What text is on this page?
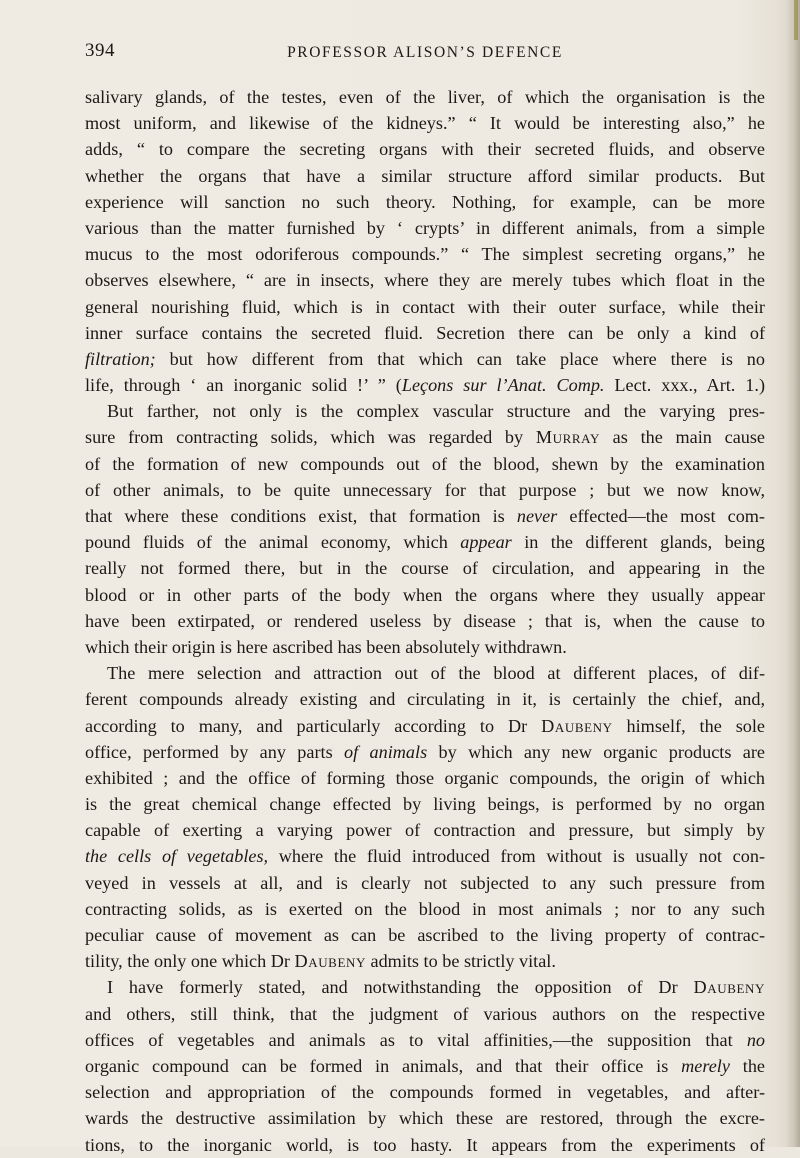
394	PROFESSOR ALISON’S DEFENCE
salivary glands, of the testes, even of the liver, of which the organisation is the
most uniform, and likewise of the kidneys.” “ It would be interesting also,” he
adds, “ to compare the secreting organs with their secreted fluids, and observe
whether the organs that have a similar structure afford similar products. But
experience will sanction no such theory. Nothing, for example, can be more
various than the matter furnished by ‘ crypts’ in different animals, from a simple
mucus to the most odoriferous compounds.” “ The simplest secreting organs,” he
observes elsewhere, “ are in insects, where they are merely tubes which float in the
general nourishing fluid, which is in contact with their outer surface, while their
inner surface contains the secreted fluid. Secretion there can be only a kind of
filtration; but how different from that which can take place where there is no
life, through ‘ an inorganic solid !’ ” (Leçons sur l’Anat. Comp. Lect. xxx., Art. 1.)
But farther, not only is the complex vascular structure and the varying pres-
sure from contracting solids, which was regarded by Murray as the main cause
of the formation of new compounds out of the blood, shewn by the examination
of other animals, to be quite unnecessary for that purpose ; but we now know,
that where these conditions exist, that formation is never effected—the most com-
pound fluids of the animal economy, which appear in the different glands, being
really not formed there, but in the course of circulation, and appearing in the
blood or in other parts of the body when the organs where they usually appear
have been extirpated, or rendered useless by disease ; that is, when the cause to
which their origin is here ascribed has been absolutely withdrawn.
The mere selection and attraction out of the blood at different places, of dif-
ferent compounds already existing and circulating in it, is certainly the chief, and,
according to many, and particularly according to Dr Daubeny himself, the sole
office, performed by any parts of animals by which any new organic products are
exhibited ; and the office of forming those organic compounds, the origin of which
is the great chemical change effected by living beings, is performed by no organ
capable of exerting a varying power of contraction and pressure, but simply by
the cells of vegetables, where the fluid introduced from without is usually not con-
veyed in vessels at all, and is clearly not subjected to any such pressure from
contracting solids, as is exerted on the blood in most animals ; nor to any such
peculiar cause of movement as can be ascribed to the living property of contrac-
tility, the only one which Dr Daubeny admits to be strictly vital.
I have formerly stated, and notwithstanding the opposition of Dr Daubeny
and others, still think, that the judgment of various authors on the respective
offices of vegetables and animals as to vital affinities,—the supposition that no
organic compound can be formed in animals, and that their office is merely the
selection and appropriation of the compounds formed in vegetables, and after-
wards the destructive assimilation by which these are restored, through the excre-
tions, to the inorganic world, is too hasty. It appears from the experiments of
